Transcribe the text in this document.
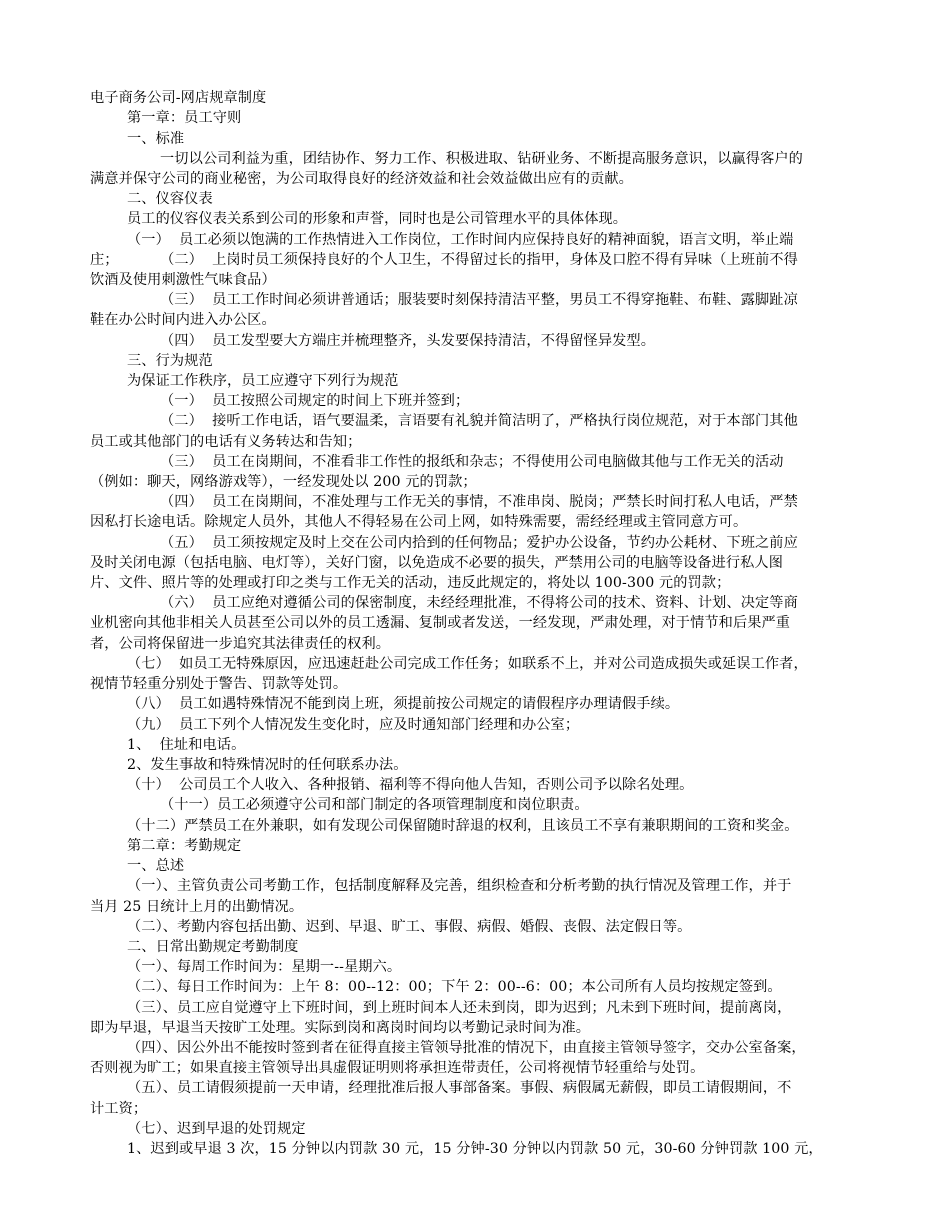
电子商务公司-网店规章制度
第一章：员工守则
一、标准
一切以公司利益为重，团结协作、努力工作、积极进取、钻研业务、不断提高服务意识，以赢得客户的
满意并保守公司的商业秘密，为公司取得良好的经济效益和社会效益做出应有的贡献。
二、仪容仪表
员工的仪容仪表关系到公司的形象和声誉，同时也是公司管理水平的具体体现。
（一）  员工必须以饱满的工作热情进入工作岗位，工作时间内应保持良好的精神面貌，语言文明，举止端
庄；         （二）  上岗时员工须保持良好的个人卫生，不得留过长的指甲，身体及口腔不得有异味（上班前不得
饮酒及使用刺激性气味食品）
（三）  员工工作时间必须讲普通话；服装要时刻保持清洁平整，男员工不得穿拖鞋、布鞋、露脚趾凉
鞋在办公时间内进入办公区。
（四）  员工发型要大方端庄并梳理整齐，头发要保持清洁，不得留怪异发型。
三、行为规范
为保证工作秩序，员工应遵守下列行为规范
（一）  员工按照公司规定的时间上下班并签到；
（二）  接听工作电话，语气要温柔，言语要有礼貌并简洁明了，严格执行岗位规范，对于本部门其他
员工或其他部门的电话有义务转达和告知；
（三）  员工在岗期间，不准看非工作性的报纸和杂志；不得使用公司电脑做其他与工作无关的活动
（例如：聊天，网络游戏等），一经发现处以 200 元的罚款；
（四）  员工在岗期间，不准处理与工作无关的事情，不准串岗、脱岗；严禁长时间打私人电话，严禁
因私打长途电话。除规定人员外，其他人不得轻易在公司上网，如特殊需要，需经经理或主管同意方可。
（五）  员工须按规定及时上交在公司内拾到的任何物品；爱护办公设备，节约办公耗材、下班之前应
及时关闭电源（包括电脑、电灯等），关好门窗，以免造成不必要的损失，严禁用公司的电脑等设备进行私人图
片、文件、照片等的处理或打印之类与工作无关的活动，违反此规定的，将处以 100-300 元的罚款；
（六）  员工应绝对遵循公司的保密制度，未经经理批准，不得将公司的技术、资料、计划、决定等商
业机密向其他非相关人员甚至公司以外的员工透漏、复制或者发送，一经发现，严肃处理，对于情节和后果严重
者，公司将保留进一步追究其法律责任的权利。
（七）  如员工无特殊原因，应迅速赶赴公司完成工作任务；如联系不上，并对公司造成损失或延误工作者，
视情节轻重分别处于警告、罚款等处罚。
（八）  员工如遇特殊情况不能到岗上班，须提前按公司规定的请假程序办理请假手续。
（九）  员工下列个人情况发生变化时，应及时通知部门经理和办公室；
1、  住址和电话。
2、发生事故和特殊情况时的任何联系办法。
（十）  公司员工个人收入、各种报销、福利等不得向他人告知，否则公司予以除名处理。
（十一）员工必须遵守公司和部门制定的各项管理制度和岗位职责。
（十二）严禁员工在外兼职，如有发现公司保留随时辞退的权利，且该员工不享有兼职期间的工资和奖金。
第二章：考勤规定
一、总述
（一）、主管负责公司考勤工作，包括制度解释及完善，组织检查和分析考勤的执行情况及管理工作，并于
当月 25 日统计上月的出勤情况。
（二）、考勤内容包括出勤、迟到、早退、旷工、事假、病假、婚假、丧假、法定假日等。
二、日常出勤规定考勤制度
（一）、每周工作时间为：星期一--星期六。
（二）、每日工作时间为：上午 8：00--12：00；下午 2：00--6：00；本公司所有人员均按规定签到。
（三）、员工应自觉遵守上下班时间，到上班时间本人还未到岗，即为迟到；凡未到下班时间，提前离岗，
即为早退，早退当天按旷工处理。实际到岗和离岗时间均以考勤记录时间为准。
（四）、因公外出不能按时签到者在征得直接主管领导批准的情况下，由直接主管领导签字，交办公室备案，
否则视为旷工；如果直接主管领导出具虚假证明则将承担连带责任，公司将视情节轻重给与处罚。
（五）、员工请假须提前一天申请，经理批准后报人事部备案。事假、病假属无薪假，即员工请假期间，不
计工资；
（七）、迟到早退的处罚规定
1、迟到或早退 3 次，15 分钟以内罚款 30 元，15 分钟-30 分钟以内罚款 50 元，30-60 分钟罚款 100 元，
